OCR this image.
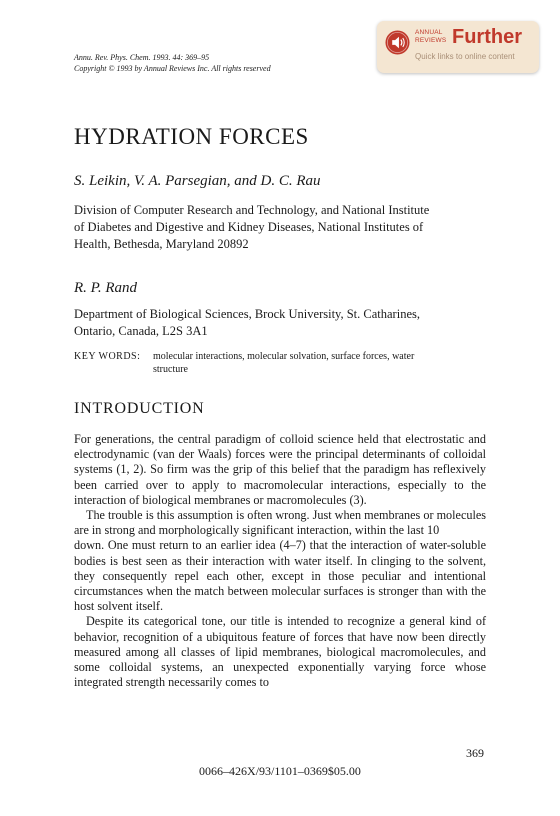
Annu. Rev. Phys. Chem. 1993. 44: 369–95
Copyright © 1993 by Annual Reviews Inc. All rights reserved
ANNUAL
REVIEWS Further
Quick links to online content
HYDRATION FORCES
S. Leikin, V. A. Parsegian, and D. C. Rau
Division of Computer Research and Technology, and National Institute
of Diabetes and Digestive and Kidney Diseases, National Institutes of
Health, Bethesda, Maryland 20892
R. P. Rand
Department of Biological Sciences, Brock University, St. Catharines,
Ontario, Canada, L2S 3A1
KEY WORDS: molecular interactions, molecular solvation, surface forces, water
structure
INTRODUCTION

For generations, the central paradigm of colloid science held that electrostatic and electrodynamic (van der Waals) forces were the principal determinants of colloidal systems (1, 2). So firm was the grip of this belief that the paradigm has reflexively been carried over to apply to macromolecular interactions, especially to the interaction of biological membranes or macromolecules (3).

The trouble is this assumption is often wrong. Just when membranes or molecules are in strong and morphologically significant interaction, within the last 10

down. One must return to an earlier idea (4–7) that the interaction of water-soluble bodies is best seen as their interaction with water itself. In clinging to the solvent, they consequently repel each other, except in those peculiar and intentional circumstances when the match between molecular surfaces is stronger than with the host solvent itself.

Despite its categorical tone, our title is intended to recognize a general kind of behavior, recognition of a ubiquitous feature of forces that have now been directly measured among all classes of lipid membranes, biological macromolecules, and some colloidal systems, an unexpected exponentially varying force whose integrated strength necessarily comes to

369
0066–426X/93/1101–0369$05.00
